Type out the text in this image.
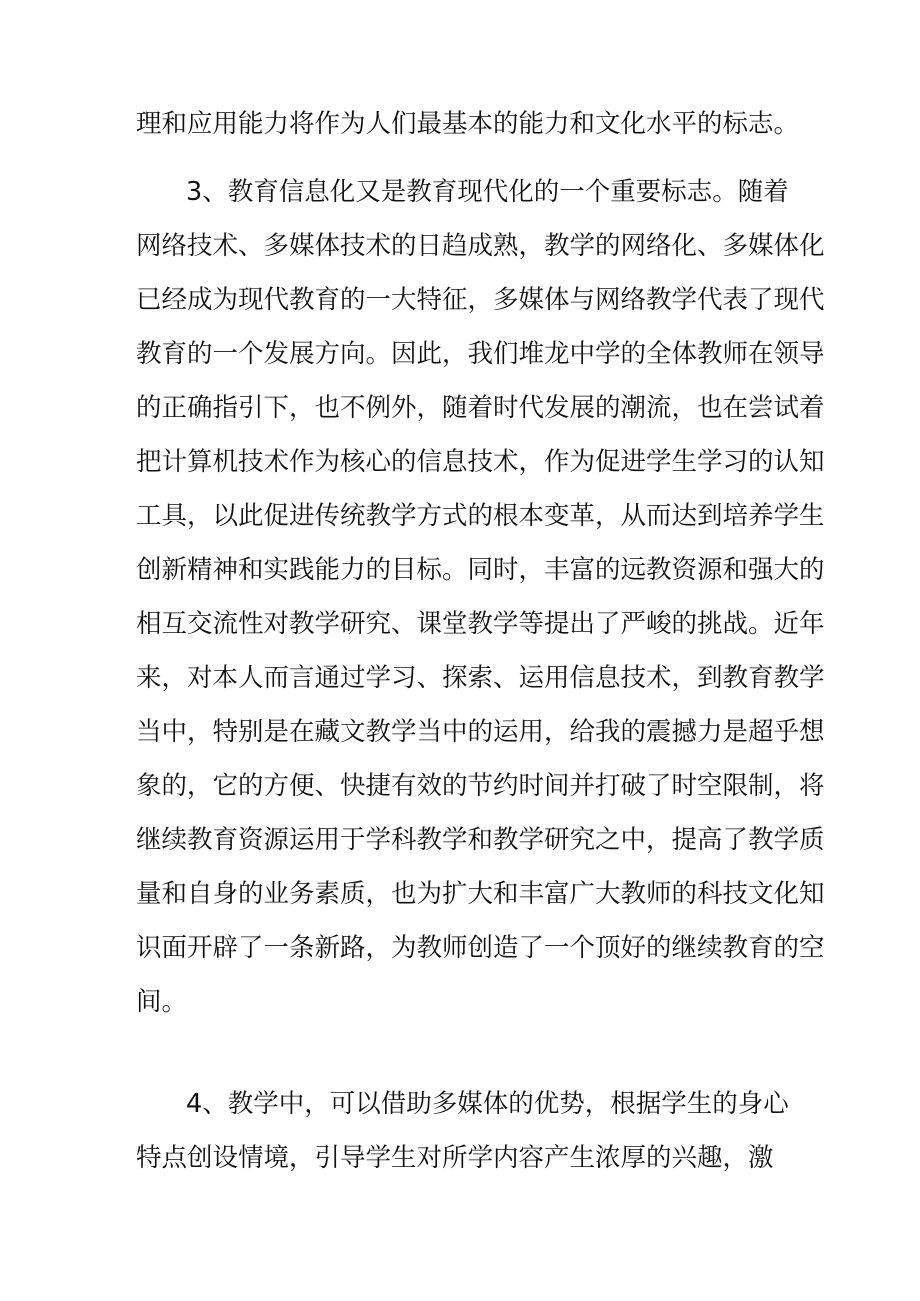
理和应用能力将作为人们最基本的能力和文化水平的标志。
3、教育信息化又是教育现代化的一个重要标志。随着
网络技术、多媒体技术的日趋成熟，教学的网络化、多媒体化
已经成为现代教育的一大特征，多媒体与网络教学代表了现代
教育的一个发展方向。因此，我们堆龙中学的全体教师在领导
的正确指引下，也不例外，随着时代发展的潮流，也在尝试着
把计算机技术作为核心的信息技术，作为促进学生学习的认知
工具，以此促进传统教学方式的根本变革，从而达到培养学生
创新精神和实践能力的目标。同时，丰富的远教资源和强大的
相互交流性对教学研究、课堂教学等提出了严峻的挑战。近年
来，对本人而言通过学习、探索、运用信息技术，到教育教学
当中，特别是在藏文教学当中的运用，给我的震撼力是超乎想
象的，它的方便、快捷有效的节约时间并打破了时空限制，将
继续教育资源运用于学科教学和教学研究之中，提高了教学质
量和自身的业务素质，也为扩大和丰富广大教师的科技文化知
识面开辟了一条新路，为教师创造了一个顶好的继续教育的空
间。
4、教学中，可以借助多媒体的优势，根据学生的身心
特点创设情境，引导学生对所学内容产生浓厚的兴趣，激
